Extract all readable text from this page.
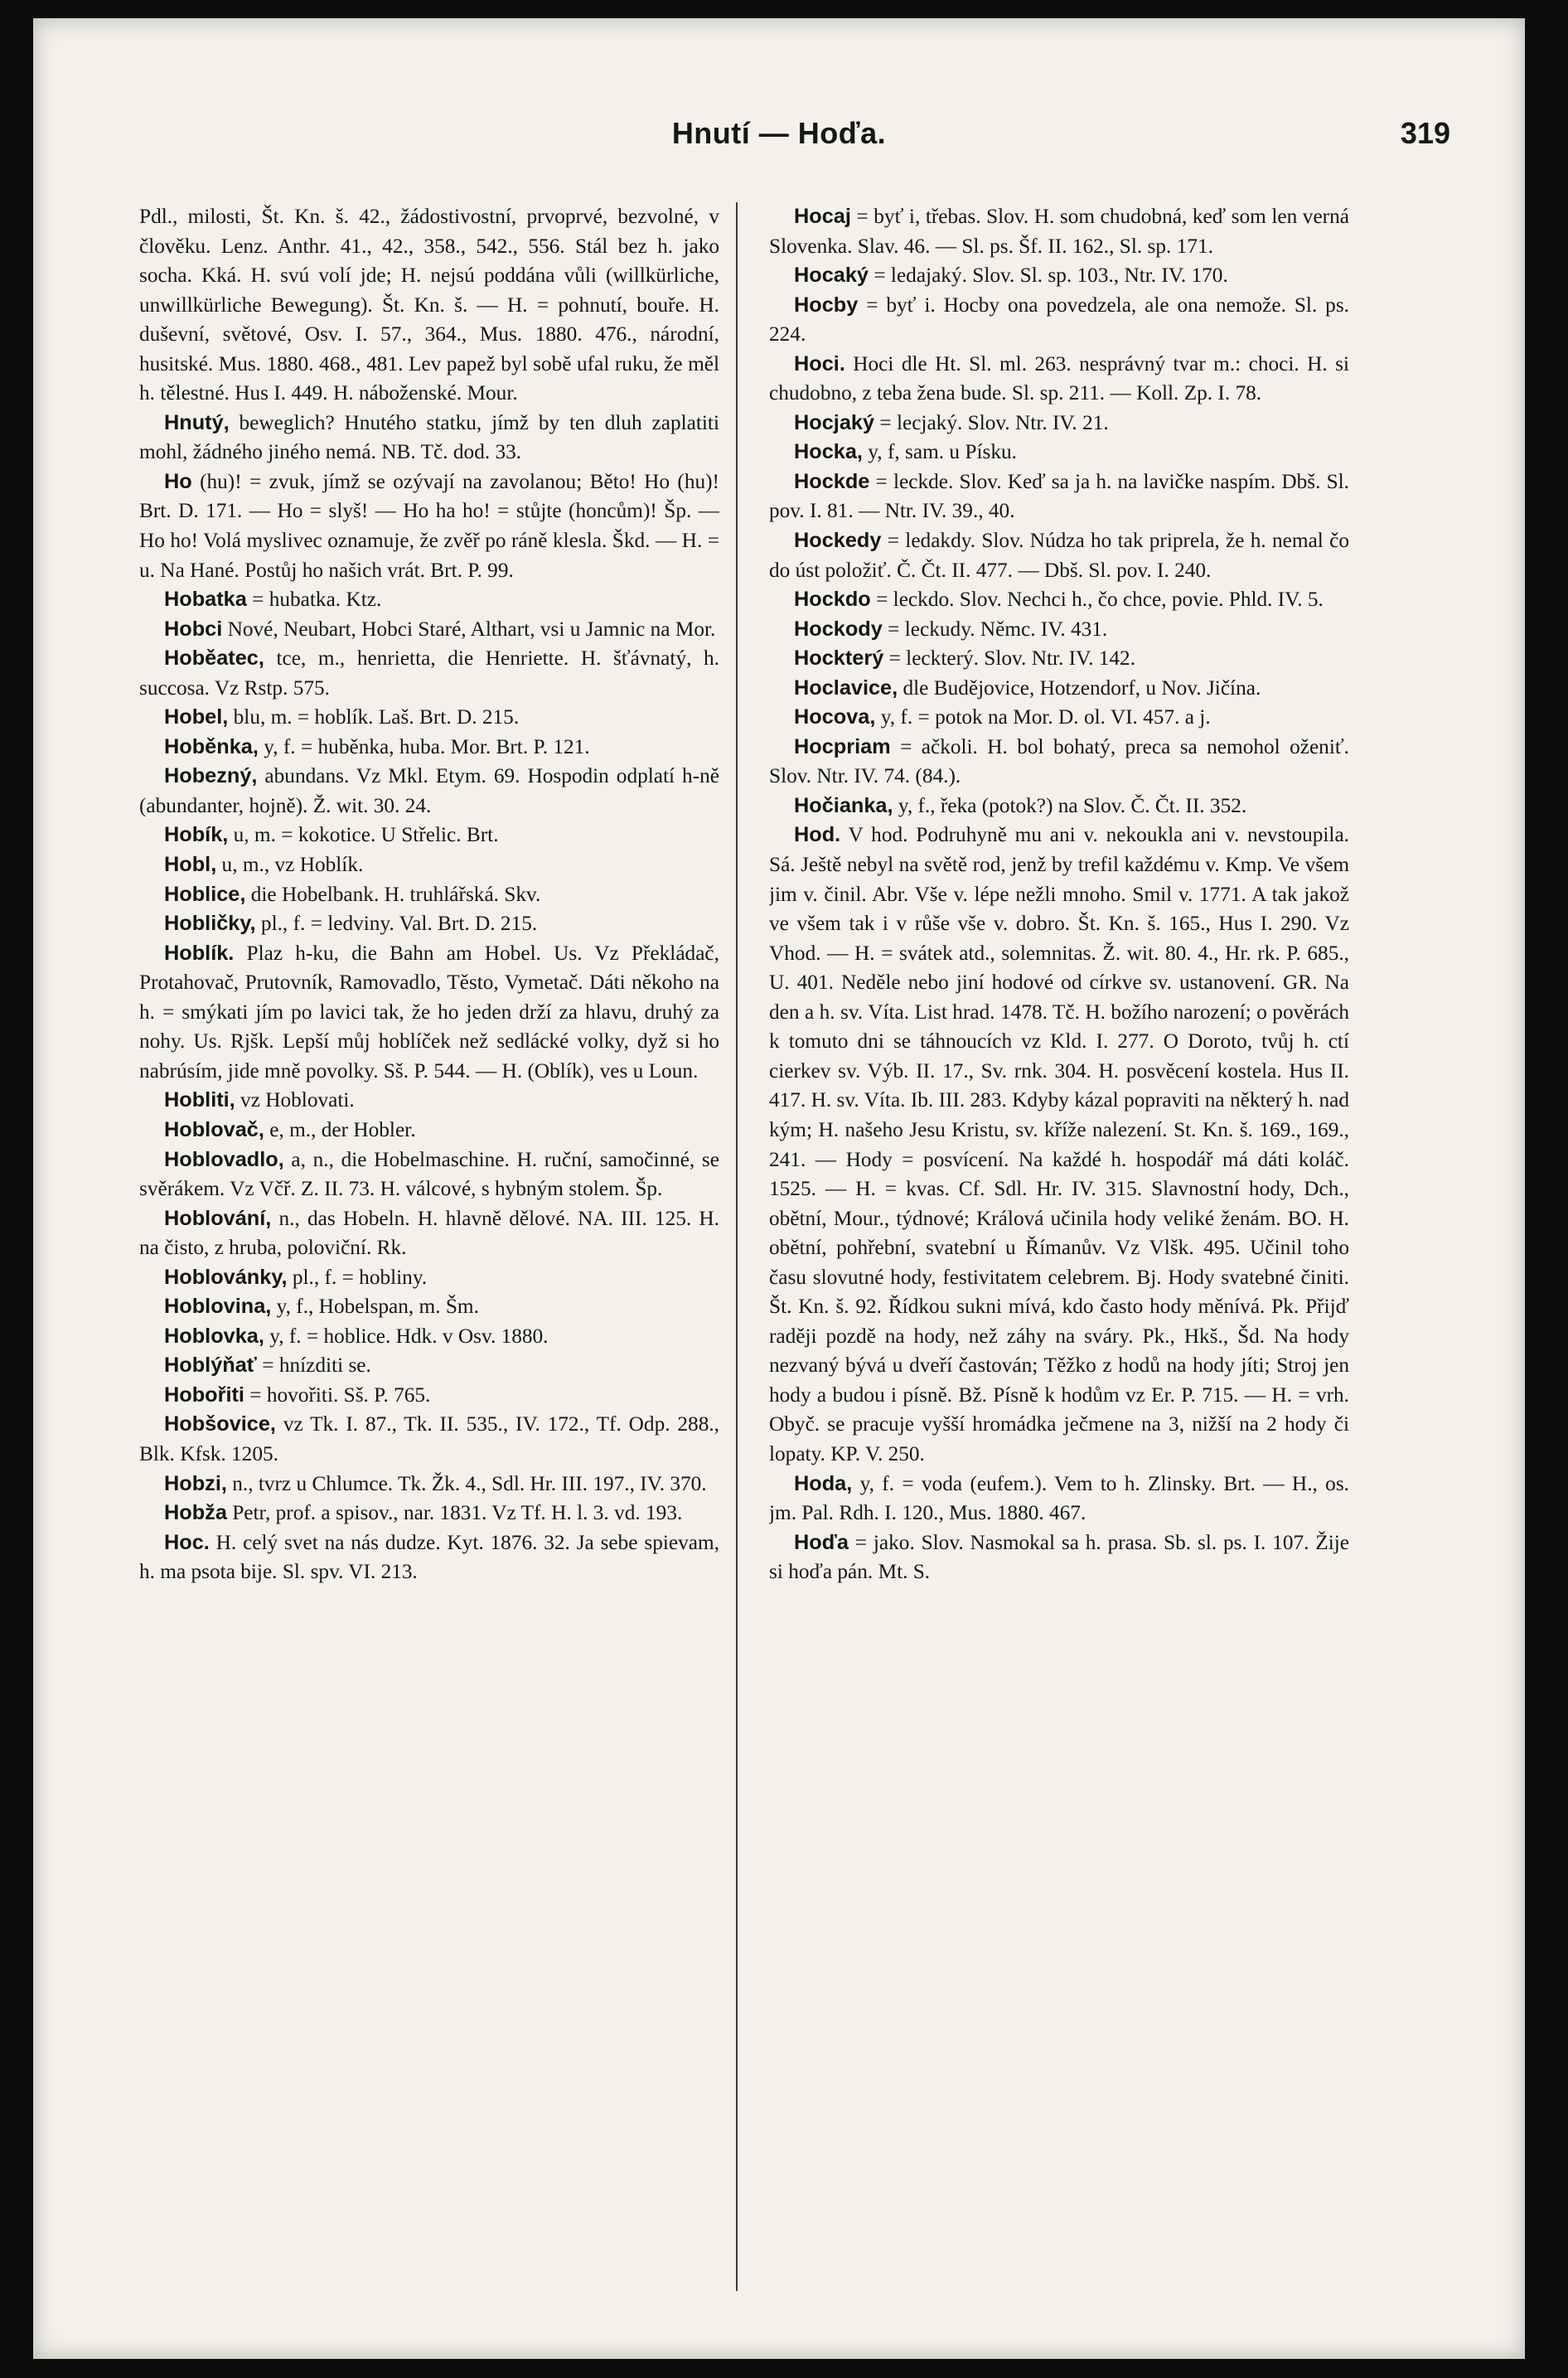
Hnutí — Hoďa.	319

Pdl., milosti, Št. Kn. š. 42., žádostivostní, prvoprvé, bezvolné, v člověku. Lenz. Anthr. 41., 42., 358., 542., 556. Stál bez h. jako socha. Kká. H. svú volí jde; H. nejsú poddána vůli (willkürliche, unwillkürliche Bewegung). Št. Kn. š. — H. = pohnutí, bouře. H. duševní, světové, Osv. I. 57., 364., Mus. 1880. 476., národní, husitské. Mus. 1880. 468., 481. Lev papež byl sobě ufal ruku, že měl h. tělestné. Hus I. 449. H. náboženské. Mour.

Hnutý, beweglich? Hnutého statku, jímž by ten dluh zaplatiti mohl, žádného jiného nemá. NB. Tč. dod. 33.

Ho (hu)! = zvuk, jímž se ozývají na zavolanou; Běto! Ho (hu)! Brt. D. 171. — Ho = slyš! — Ho ha ho! = stůjte (honcům)! Šp. — Ho ho! Volá myslivec oznamuje, že zvěř po ráně klesla. Škd. — H. = u. Na Hané. Postůj ho našich vrát. Brt. P. 99.

Hobatka = hubatka. Ktz.

Hobci Nové, Neubart, Hobci Staré, Althart, vsi u Jamnic na Mor.

Hoběatec, tce, m., henrietta, die Henriette. H. šťávnatý, h. succosa. Vz Rstp. 575.

Hobel, blu, m. = hoblík. Laš. Brt. D. 215.

Hoběnka, y, f. = huběnka, huba. Mor. Brt. P. 121.

Hobezný, abundans. Vz Mkl. Etym. 69. Hospodin odplatí h-ně (abundanter, hojně). Ž. wit. 30. 24.

Hobík, u, m. = kokotice. U Střelic. Brt.

Hobl, u, m., vz Hoblík.

Hoblice, die Hobelbank. H. truhlářská. Skv.

Hobličky, pl., f. = ledviny. Val. Brt. D. 215.

Hoblík. Plaz h-ku, die Bahn am Hobel. Us. Vz Překládač, Protahovač, Prutovník, Ramovadlo, Těsto, Vymetač. Dáti někoho na h. = smýkati jím po lavici tak, že ho jeden drží za hlavu, druhý za nohy. Us. Rjšk. Lepší můj hoblíček než sedlácké volky, dyž si ho nabrúsím, jide mně povolky. Sš. P. 544. — H. (Oblík), ves u Loun.

Hobliti, vz Hoblovati.

Hoblovač, e, m., der Hobler.

Hoblovadlo, a, n., die Hobelmaschine. H. ruční, samočinné, se svěrákem. Vz Včř. Z. II. 73. H. válcové, s hybným stolem. Šp.

Hoblování, n., das Hobeln. H. hlavně dělové. NA. III. 125. H. na čisto, z hruba, poloviční. Rk.

Hoblovánky, pl., f. = hobliny.

Hoblovina, y, f., Hobelspan, m. Šm.

Hoblovka, y, f. = hoblice. Hdk. v Osv. 1880.

Hoblýňať = hnízditi se.

Hobořiti = hovořiti. Sš. P. 765.

Hobšovice, vz Tk. I. 87., Tk. II. 535., IV. 172., Tf. Odp. 288., Blk. Kfsk. 1205.

Hobzi, n., tvrz u Chlumce. Tk. Žk. 4., Sdl. Hr. III. 197., IV. 370.

Hobža Petr, prof. a spisov., nar. 1831. Vz Tf. H. l. 3. vd. 193.

Hoc. H. celý svet na nás dudze. Kyt. 1876. 32. Ja sebe spievam, h. ma psota bije. Sl. spv. VI. 213.

Hocaj = byť i, třebas. Slov. H. som chudobná, keď som len verná Slovenka. Slav. 46. — Sl. ps. Šf. II. 162., Sl. sp. 171.

Hocaký = ledajaký. Slov. Sl. sp. 103., Ntr. IV. 170.

Hocby = byť i. Hocby ona povedzela, ale ona nemože. Sl. ps. 224.

Hoci. Hoci dle Ht. Sl. ml. 263. nesprávný tvar m.: choci. H. si chudobno, z teba žena bude. Sl. sp. 211. — Koll. Zp. I. 78.

Hocjaký = lecjaký. Slov. Ntr. IV. 21.

Hocka, y, f, sam. u Písku.

Hockde = leckde. Slov. Keď sa ja h. na lavičke naspím. Dbš. Sl. pov. I. 81. — Ntr. IV. 39., 40.

Hockedy = ledakdy. Slov. Núdza ho tak priprela, že h. nemal čo do úst položiť. Č. Čt. II. 477. — Dbš. Sl. pov. I. 240.

Hockdo = leckdo. Slov. Nechci h., čo chce, povie. Phld. IV. 5.

Hockody = leckudy. Němc. IV. 431.

Hockterý = leckterý. Slov. Ntr. IV. 142.

Hoclavice, dle Budějovice, Hotzendorf, u Nov. Jičína.

Hocova, y, f. = potok na Mor. D. ol. VI. 457. a j.

Hocpriam = ačkoli. H. bol bohatý, preca sa nemohol oženiť. Slov. Ntr. IV. 74. (84.).

Hočianka, y, f., řeka (potok?) na Slov. Č. Čt. II. 352.

Hod. V hod. Podruhyně mu ani v. nekoukla ani v. nevstoupila. Sá. Ještě nebyl na světě rod, jenž by trefil každému v. Kmp. Ve všem jim v. činil. Abr. Vše v. lépe nežli mnoho. Smil v. 1771. A tak jakož ve všem tak i v růše vše v. dobro. Št. Kn. š. 165., Hus I. 290. Vz Vhod. — H. = svátek atd., solemnitas. Ž. wit. 80. 4., Hr. rk. P. 685., U. 401. Neděle nebo jiní hodové od církve sv. ustanovení. GR. Na den a h. sv. Víta. List hrad. 1478. Tč. H. božího narození; o pověrách k tomuto dni se táhnoucích vz Kld. I. 277. O Doroto, tvůj h. ctí cierkev sv. Výb. II. 17., Sv. rnk. 304. H. posvěcení kostela. Hus II. 417. H. sv. Víta. Ib. III. 283. Kdyby kázal popraviti na některý h. nad kým; H. našeho Jesu Kristu, sv. kříže nalezení. St. Kn. š. 169., 169., 241. — Hody = posvícení. Na každé h. hospodář má dáti koláč. 1525. — H. = kvas. Cf. Sdl. Hr. IV. 315. Slavnostní hody, Dch., obětní, Mour., týdnové; Králová učinila hody veliké ženám. BO. H. obětní, pohřební, svatební u Římanův. Vz Vlšk. 495. Učinil toho času slovutné hody, festivitatem celebrem. Bj. Hody svatebné činiti. Št. Kn. š. 92. Řídkou sukni mívá, kdo často hody měnívá. Pk. Přijď raději pozdě na hody, než záhy na sváry. Pk., Hkš., Šd. Na hody nezvaný bývá u dveří častován; Těžko z hodů na hody jíti; Stroj jen hody a budou i písně. Bž. Písně k hodům vz Er. P. 715. — H. = vrh. Obyč. se pracuje vyšší hromádka ječmene na 3, nižší na 2 hody či lopaty. KP. V. 250.

Hoda, y, f. = voda (eufem.). Vem to h. Zlinsky. Brt. — H., os. jm. Pal. Rdh. I. 120., Mus. 1880. 467.

Hoďa = jako. Slov. Nasmokal sa h. prasa. Sb. sl. ps. I. 107. Žije si hoďa pán. Mt. S.
